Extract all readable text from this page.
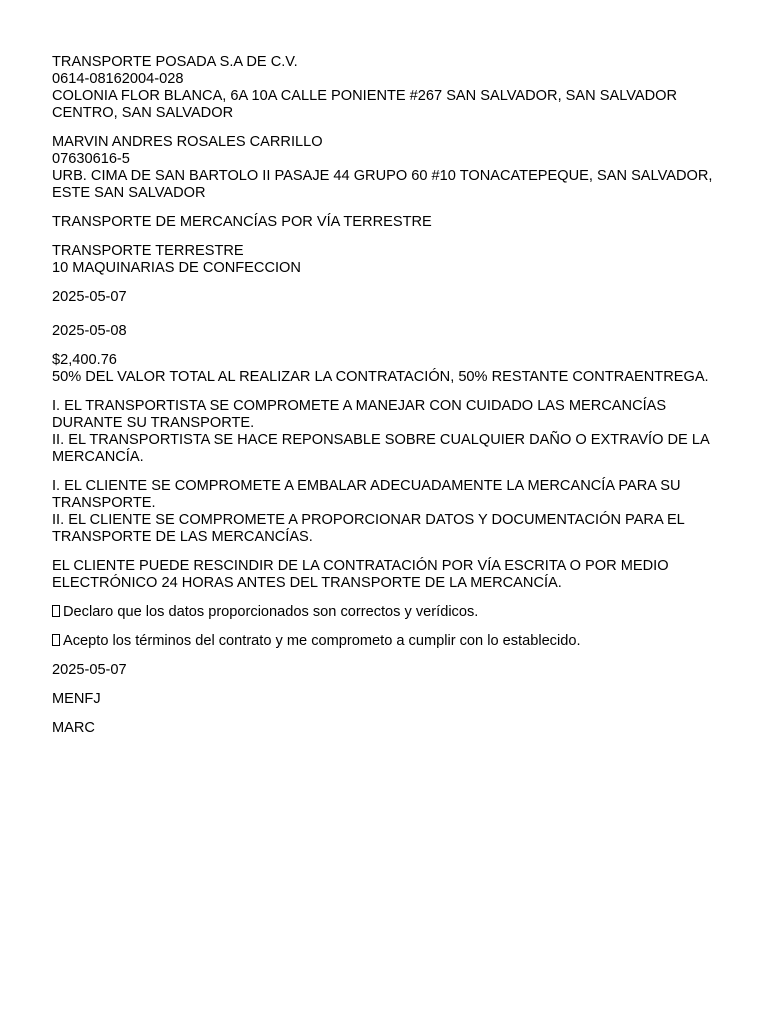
TRANSPORTE POSADA S.A DE C.V.
0614-08162004-028
COLONIA FLOR BLANCA, 6A 10A CALLE PONIENTE #267 SAN SALVADOR, SAN SALVADOR CENTRO, SAN SALVADOR
MARVIN ANDRES ROSALES CARRILLO
07630616-5
URB. CIMA DE SAN BARTOLO II PASAJE 44 GRUPO 60 #10 TONACATEPEQUE, SAN SALVADOR, ESTE SAN SALVADOR
TRANSPORTE DE MERCANCÍAS POR VÍA TERRESTRE
TRANSPORTE TERRESTRE
10 MAQUINARIAS DE CONFECCION
2025-05-07
2025-05-08
$2,400.76
50% DEL VALOR TOTAL AL REALIZAR LA CONTRATACIÓN, 50% RESTANTE CONTRAENTREGA.
I. EL TRANSPORTISTA SE COMPROMETE A MANEJAR CON CUIDADO LAS MERCANCÍAS DURANTE SU TRANSPORTE.
II. EL TRANSPORTISTA SE HACE REPONSABLE SOBRE CUALQUIER DAÑO O EXTRAVÍO DE LA MERCANCÍA.
I. EL CLIENTE SE COMPROMETE A EMBALAR ADECUADAMENTE LA MERCANCÍA PARA SU TRANSPORTE.
II. EL CLIENTE SE COMPROMETE A PROPORCIONAR DATOS Y DOCUMENTACIÓN PARA EL TRANSPORTE DE LAS MERCANCÍAS.
EL CLIENTE PUEDE RESCINDIR DE LA CONTRATACIÓN POR VÍA ESCRITA O POR MEDIO ELECTRÓNICO 24 HORAS ANTES DEL TRANSPORTE DE LA MERCANCÍA.
Declaro que los datos proporcionados son correctos y verídicos.
Acepto los términos del contrato y me comprometo a cumplir con lo establecido.
2025-05-07
MENFJ
MARC
